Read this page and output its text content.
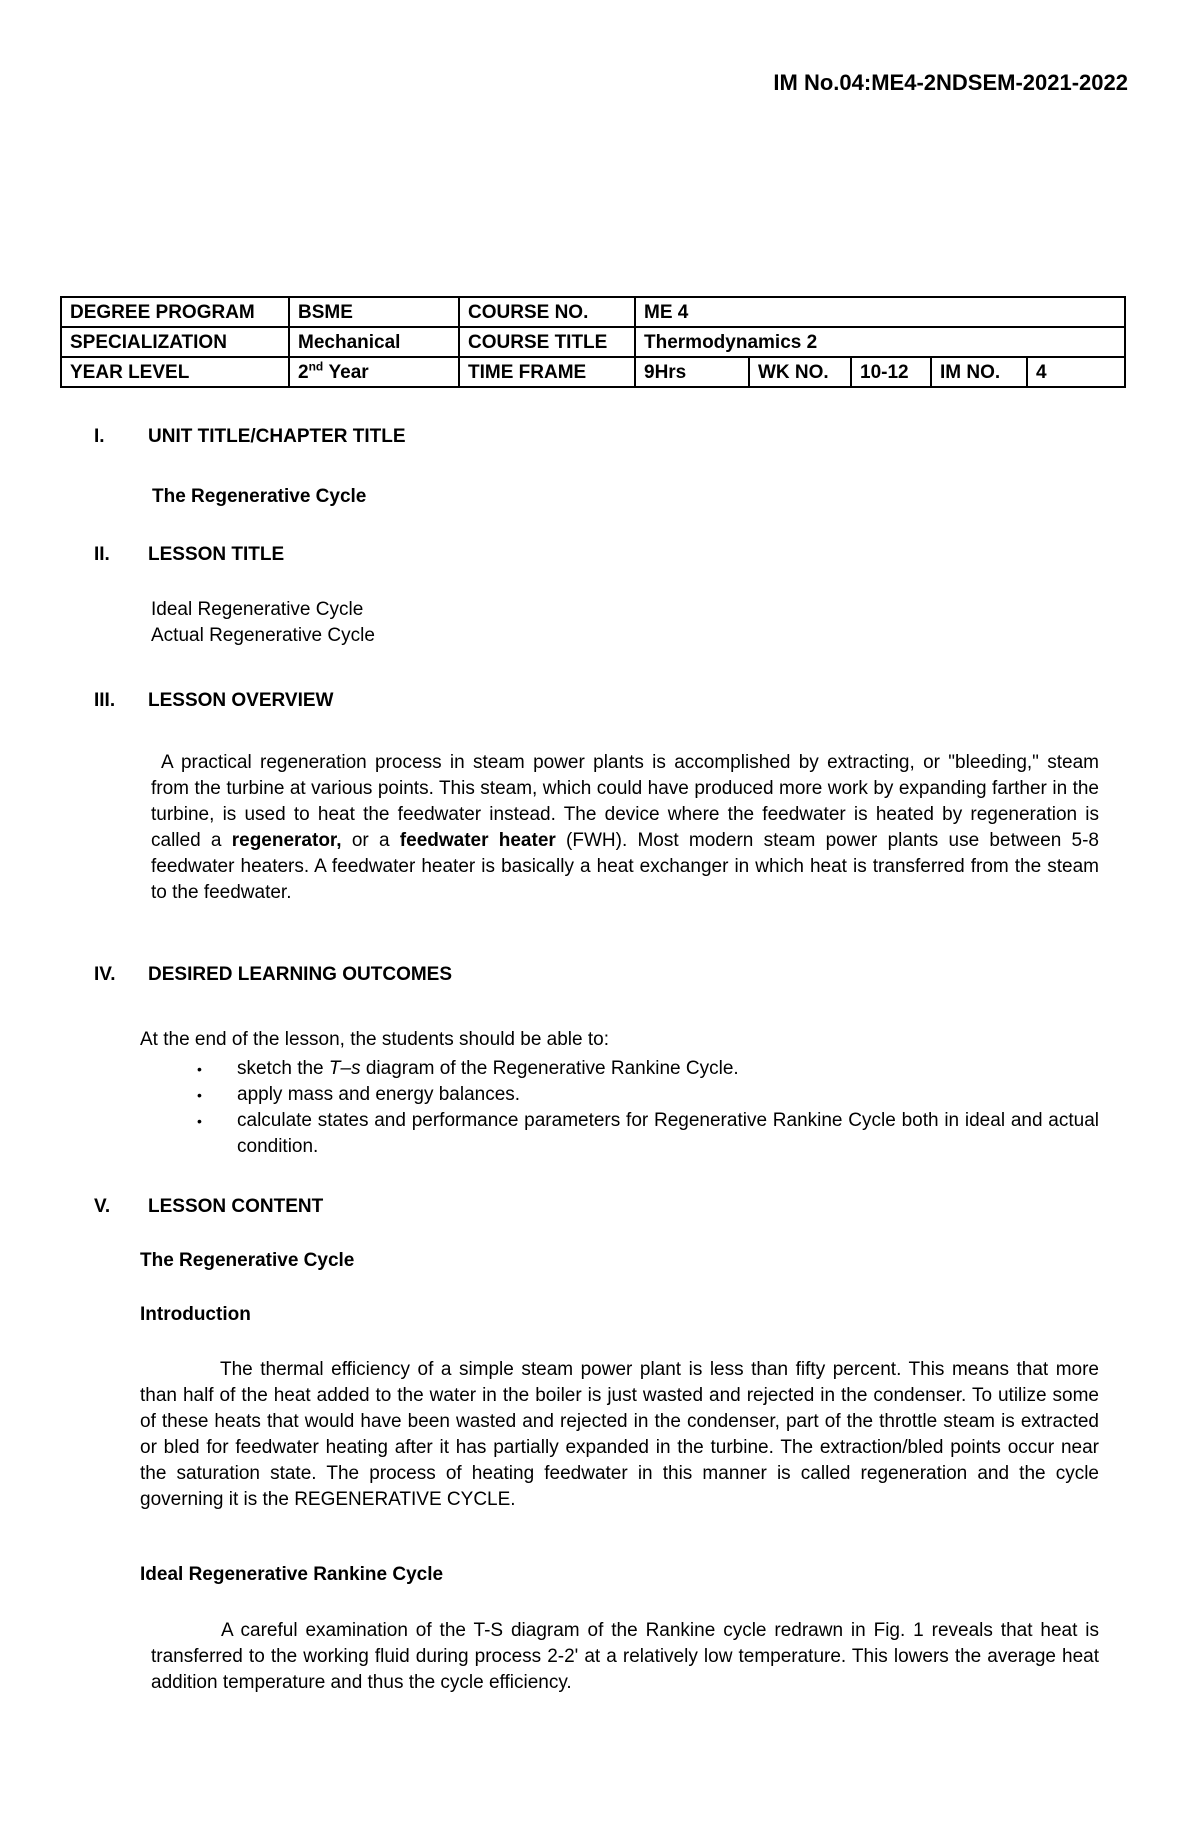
IM No.04:ME4-2NDSEM-2021-2022
DEGREE PROGRAM	BSME	COURSE NO.	ME 4				
SPECIALIZATION	Mechanical	COURSE TITLE	Thermodynamics 2				
YEAR LEVEL	2nd Year	TIME FRAME	9Hrs	WK NO.	10-12	IM NO.	4
I. UNIT TITLE/CHAPTER TITLE
The Regenerative Cycle
II. LESSON TITLE
Ideal Regenerative Cycle
Actual Regenerative Cycle
III. LESSON OVERVIEW
A practical regeneration process in steam power plants is accomplished by extracting, or "bleeding," steam from the turbine at various points. This steam, which could have produced more work by expanding farther in the turbine, is used to heat the feedwater instead. The device where the feedwater is heated by regeneration is called a regenerator, or a feedwater heater (FWH). Most modern steam power plants use between 5-8 feedwater heaters. A feedwater heater is basically a heat exchanger in which heat is transferred from the steam to the feedwater.
IV. DESIRED LEARNING OUTCOMES
At the end of the lesson, the students should be able to:
• sketch the T–s diagram of the Regenerative Rankine Cycle.
• apply mass and energy balances.
• calculate states and performance parameters for Regenerative Rankine Cycle both in ideal and actual condition.
V. LESSON CONTENT
The Regenerative Cycle
Introduction
The thermal efficiency of a simple steam power plant is less than fifty percent. This means that more than half of the heat added to the water in the boiler is just wasted and rejected in the condenser. To utilize some of these heats that would have been wasted and rejected in the condenser, part of the throttle steam is extracted or bled for feedwater heating after it has partially expanded in the turbine. The extraction/bled points occur near the saturation state. The process of heating feedwater in this manner is called regeneration and the cycle governing it is the REGENERATIVE CYCLE.
Ideal Regenerative Rankine Cycle
A careful examination of the T-S diagram of the Rankine cycle redrawn in Fig. 1 reveals that heat is transferred to the working fluid during process 2-2' at a relatively low temperature. This lowers the average heat addition temperature and thus the cycle efficiency.
